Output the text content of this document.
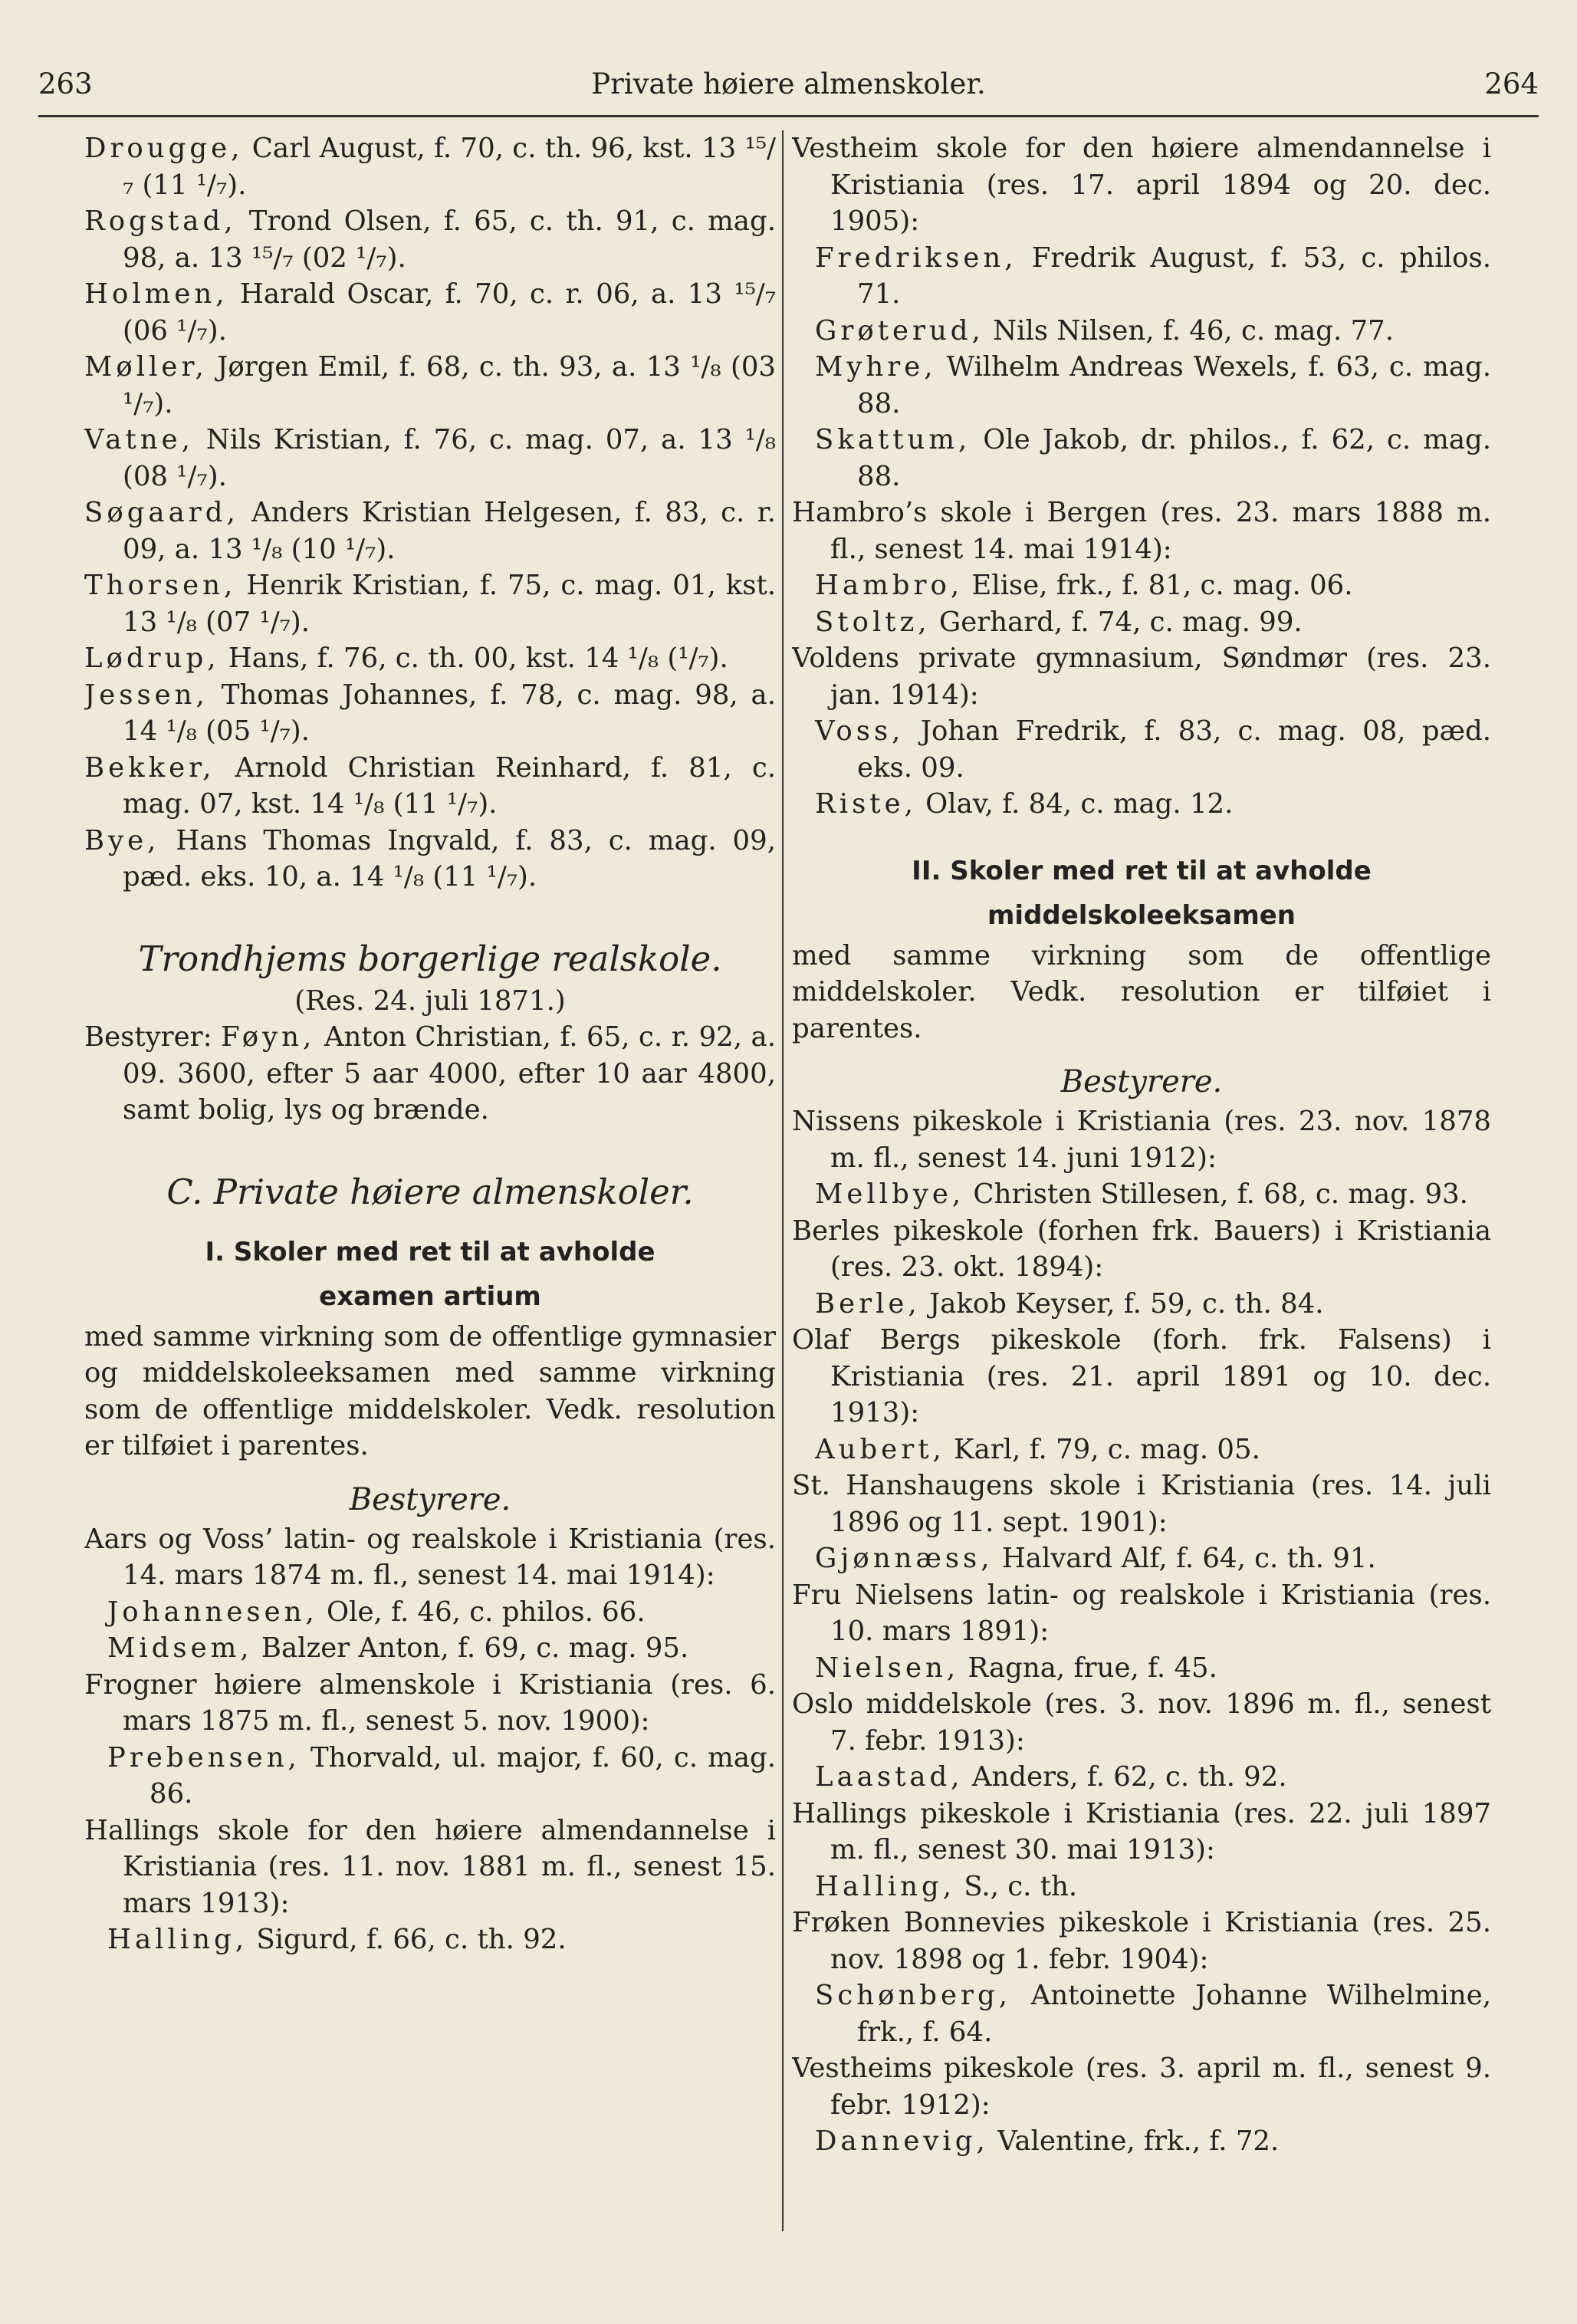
263	Private høiere almenskoler.	264
Drougge, Carl August, f. 70, c. th. 96, kst. 13 ¹⁵/₇ (11 ¹/₇).
Rogstad, Trond Olsen, f. 65, c. th. 91, c. mag. 98, a. 13 ¹⁵/₇ (02 ¹/₇).
Holmen, Harald Oscar, f. 70, c. r. 06, a. 13 ¹⁵/₇ (06 ¹/₇).
Møller, Jørgen Emil, f. 68, c. th. 93, a. 13 ¹/₈ (03 ¹/₇).
Vatne, Nils Kristian, f. 76, c. mag. 07, a. 13 ¹/₈ (08 ¹/₇).
Søgaard, Anders Kristian Helgesen, f. 83, c. r. 09, a. 13 ¹/₈ (10 ¹/₇).
Thorsen, Henrik Kristian, f. 75, c. mag. 01, kst. 13 ¹/₈ (07 ¹/₇).
Lødrup, Hans, f. 76, c. th. 00, kst. 14 ¹/₈ (¹/₇).
Jessen, Thomas Johannes, f. 78, c. mag. 98, a. 14 ¹/₈ (05 ¹/₇).
Bekker, Arnold Christian Reinhard, f. 81, c. mag. 07, kst. 14 ¹/₈ (11 ¹/₇).
Bye, Hans Thomas Ingvald, f. 83, c. mag. 09, pæd. eks. 10, a. 14 ¹/₈ (11 ¹/₇).
Trondhjems borgerlige realskole.
(Res. 24. juli 1871.)
Bestyrer: Føyn, Anton Christian, f. 65, c. r. 92, a. 09. 3600, efter 5 aar 4000, efter 10 aar 4800, samt bolig, lys og brænde.
C. Private høiere almenskoler.
I. Skoler med ret til at avholde
examen artium
med samme virkning som de offentlige gymnasier og middelskoleeksamen med samme virkning som de offentlige middelskoler. Vedk. resolution er tilføiet i parentes.
Bestyrere.
Aars og Voss’ latin- og realskole i Kristiania (res. 14. mars 1874 m. fl., senest 14. mai 1914):
Johannesen, Ole, f. 46, c. philos. 66.
Midsem, Balzer Anton, f. 69, c. mag. 95.
Frogner høiere almenskole i Kristiania (res. 6. mars 1875 m. fl., senest 5. nov. 1900):
Prebensen, Thorvald, ul. major, f. 60, c. mag. 86.
Hallings skole for den høiere almendannelse i Kristiania (res. 11. nov. 1881 m. fl., senest 15. mars 1913):
Halling, Sigurd, f. 66, c. th. 92.
Vestheim skole for den høiere almendannelse i Kristiania (res. 17. april 1894 og 20. dec. 1905):
Fredriksen, Fredrik August, f. 53, c. philos. 71.
Grøterud, Nils Nilsen, f. 46, c. mag. 77.
Myhre, Wilhelm Andreas Wexels, f. 63, c. mag. 88.
Skattum, Ole Jakob, dr. philos., f. 62, c. mag. 88.
Hambro’s skole i Bergen (res. 23. mars 1888 m. fl., senest 14. mai 1914):
Hambro, Elise, frk., f. 81, c. mag. 06.
Stoltz, Gerhard, f. 74, c. mag. 99.
Voldens private gymnasium, Søndmør (res. 23. jan. 1914):
Voss, Johan Fredrik, f. 83, c. mag. 08, pæd. eks. 09.
Riste, Olav, f. 84, c. mag. 12.
II. Skoler med ret til at avholde
middelskoleeksamen
med samme virkning som de offentlige middelskoler. Vedk. resolution er tilføiet i parentes.
Bestyrere.
Nissens pikeskole i Kristiania (res. 23. nov. 1878 m. fl., senest 14. juni 1912):
Mellbye, Christen Stillesen, f. 68, c. mag. 93.
Berles pikeskole (forhen frk. Bauers) i Kristiania (res. 23. okt. 1894):
Berle, Jakob Keyser, f. 59, c. th. 84.
Olaf Bergs pikeskole (forh. frk. Falsens) i Kristiania (res. 21. april 1891 og 10. dec. 1913):
Aubert, Karl, f. 79, c. mag. 05.
St. Hanshaugens skole i Kristiania (res. 14. juli 1896 og 11. sept. 1901):
Gjønnæss, Halvard Alf, f. 64, c. th. 91.
Fru Nielsens latin- og realskole i Kristiania (res. 10. mars 1891):
Nielsen, Ragna, frue, f. 45.
Oslo middelskole (res. 3. nov. 1896 m. fl., senest 7. febr. 1913):
Laastad, Anders, f. 62, c. th. 92.
Hallings pikeskole i Kristiania (res. 22. juli 1897 m. fl., senest 30. mai 1913):
Halling, S., c. th.
Frøken Bonnevies pikeskole i Kristiania (res. 25. nov. 1898 og 1. febr. 1904):
Schønberg, Antoinette Johanne Wilhelmine, frk., f. 64.
Vestheims pikeskole (res. 3. april m. fl., senest 9. febr. 1912):
Dannevig, Valentine, frk., f. 72.
